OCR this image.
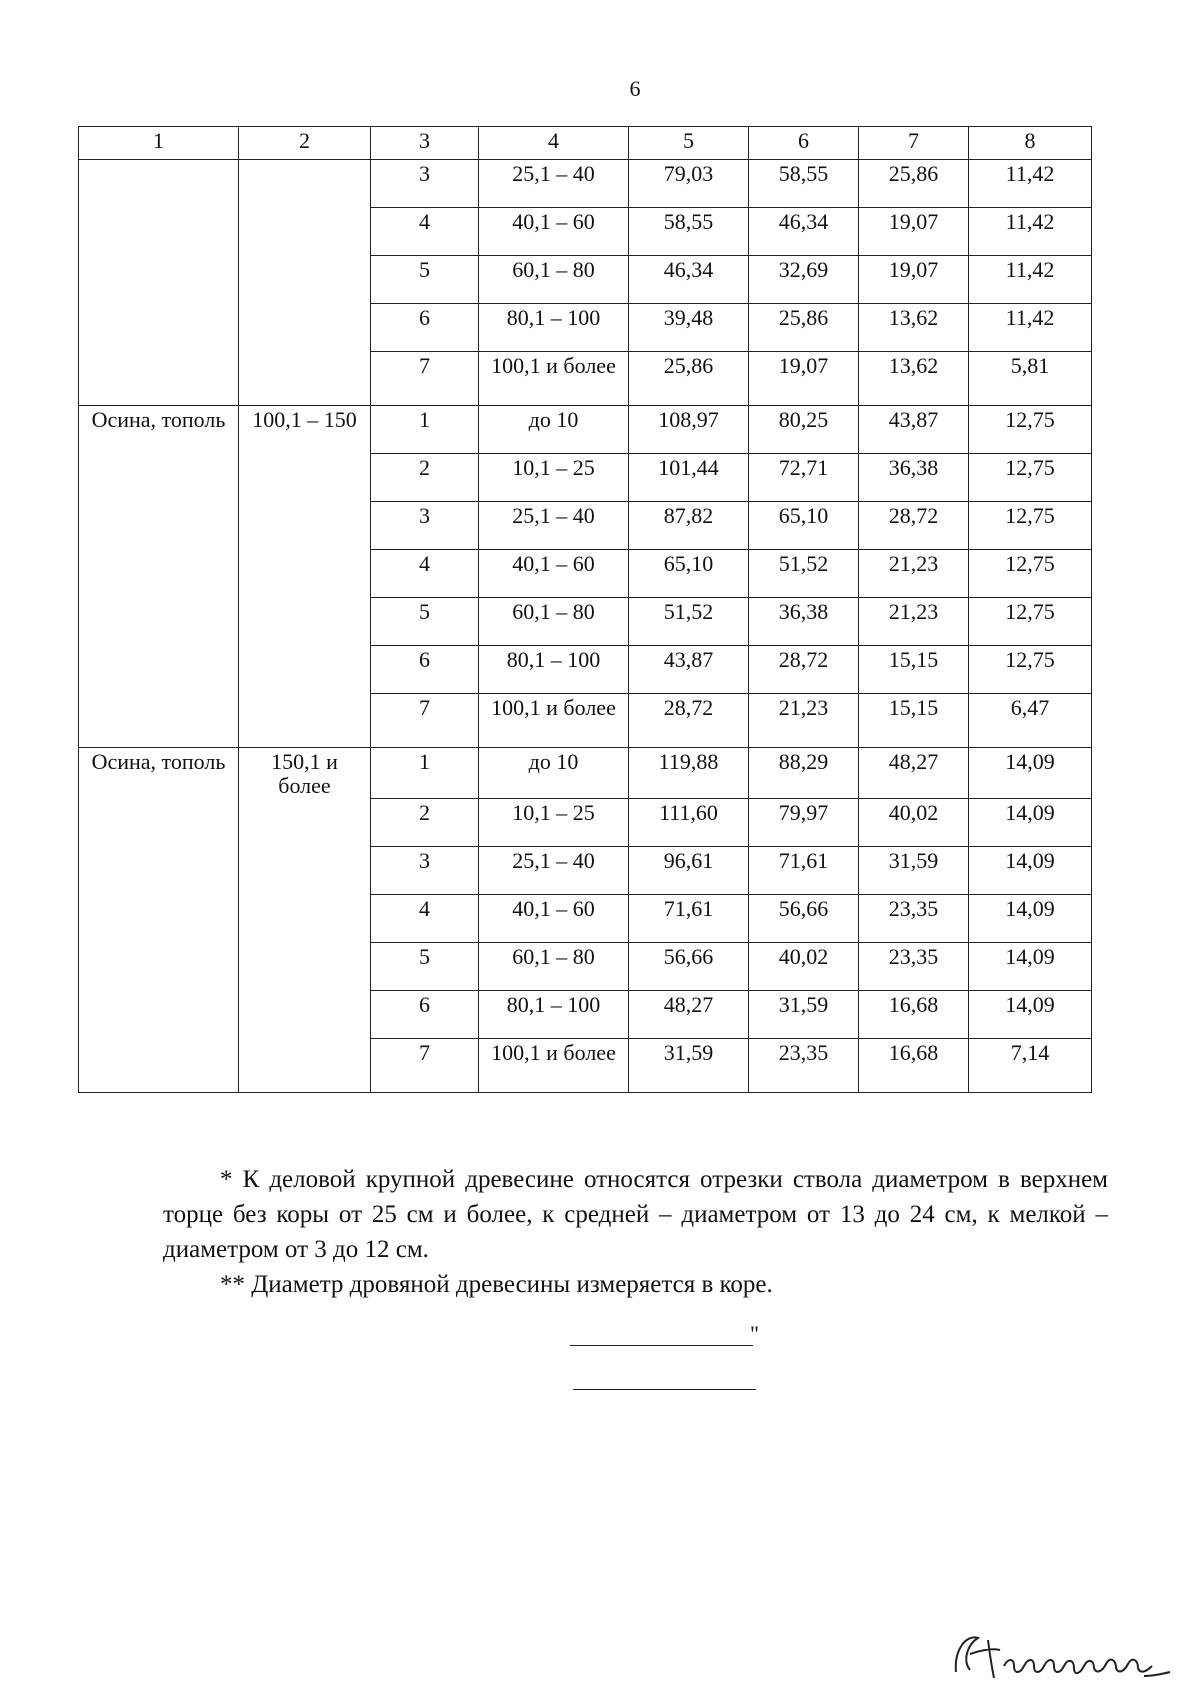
6
1	2	3	4	5	6	7	8
		3	25,1 – 40	79,03	58,55	25,86	11,42
		4	40,1 – 60	58,55	46,34	19,07	11,42
		5	60,1 – 80	46,34	32,69	19,07	11,42
		6	80,1 – 100	39,48	25,86	13,62	11,42
		7	100,1 и более	25,86	19,07	13,62	5,81
Осина, тополь	100,1 – 150	1	до 10	108,97	80,25	43,87	12,75
		2	10,1 – 25	101,44	72,71	36,38	12,75
		3	25,1 – 40	87,82	65,10	28,72	12,75
		4	40,1 – 60	65,10	51,52	21,23	12,75
		5	60,1 – 80	51,52	36,38	21,23	12,75
		6	80,1 – 100	43,87	28,72	15,15	12,75
		7	100,1 и более	28,72	21,23	15,15	6,47
Осина, тополь	150,1 и более	1	до 10	119,88	88,29	48,27	14,09
		2	10,1 – 25	111,60	79,97	40,02	14,09
		3	25,1 – 40	96,61	71,61	31,59	14,09
		4	40,1 – 60	71,61	56,66	23,35	14,09
		5	60,1 – 80	56,66	40,02	23,35	14,09
		6	80,1 – 100	48,27	31,59	16,68	14,09
		7	100,1 и более	31,59	23,35	16,68	7,14

* К деловой крупной древесине относятся отрезки ствола диаметром в верхнем торце без коры от 25 см и более, к средней – диаметром от 13 до 24 см, к мелкой – диаметром от 3 до 12 см.

** Диаметр дровяной древесины измеряется в коре.

"
